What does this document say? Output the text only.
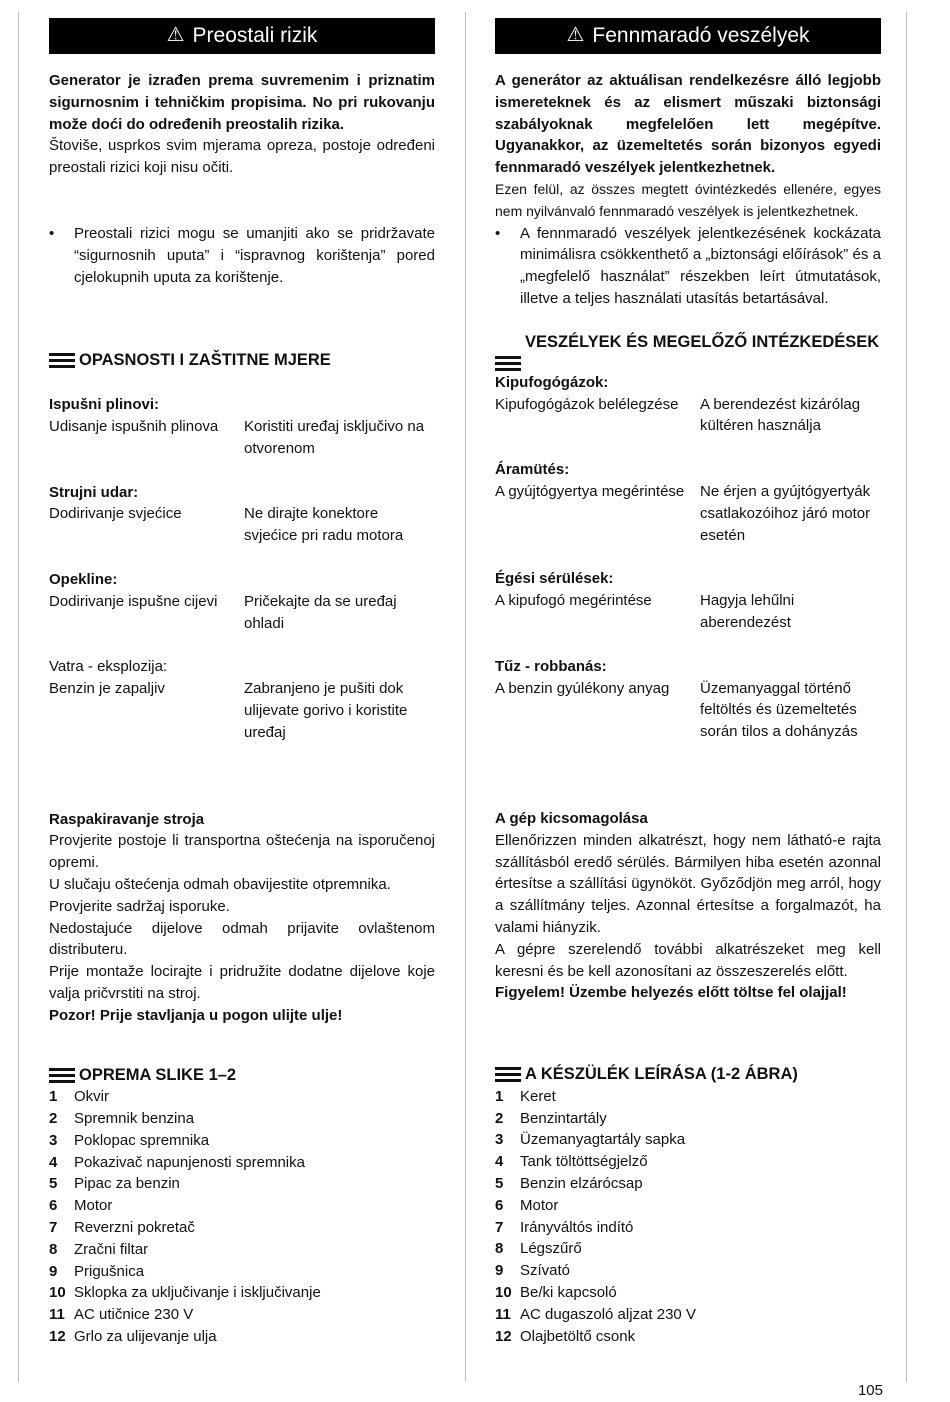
⚠ Preostali rizik

Generator je izrađen prema suvremenim i priznatim sigurnosnim i tehničkim propisima. No pri rukovanju može doći do određenih preostalih rizika.

Štoviše, usprkos svim mjerama opreza, postoje određeni preostali rizici koji nisu očiti.

•	Preostali rizici mogu se umanjiti ako se pridržavate “sigurnosnih uputa” i “ispravnog korištenja” pored cjelokupnih uputa za korištenje.
OPASNOSTI I ZAŠTITNE MJERE

Ispušni plinovi:

Udisanje ispušnih plinova	Koristiti uređaj isključivo na otvorenom

Strujni udar:

Dodirivanje svjećice	Ne dirajte konektore svjećice pri radu motora

Opekline:

Dodirivanje ispušne cijevi	Pričekajte da se uređaj ohladi

Vatra - eksplozija:

Benzin je zapaljiv	Zabranjeno je pušiti dok ulijevate gorivo i koristite uređaj

Raspakiravanje stroja

Provjerite postoje li transportna oštećenja na isporučenoj opremi.

U slučaju oštećenja odmah obavijestite otpremnika.

Provjerite sadržaj isporuke.

Nedostajuće dijelove odmah prijavite ovlaštenom distributeru.

Prije montaže locirajte i pridružite dodatne dijelove koje valja pričvrstiti na stroj.

Pozor! Prije stavljanja u pogon ulijte ulje!

OPREMA SLIKE 1–2
1	Okvir
2	Spremnik benzina
3	Poklopac spremnika
4	Pokazivač napunjenosti spremnika
5	Pipac za benzin
6	Motor
7	Reverzni pokretač
8	Zračni filtar
9	Prigušnica
10 Sklopka za uključivanje i isključivanje
11 AC utičnice 230 V
12 Grlo za ulijevanje ulja
⚠ Fennmaradó veszélyek

A generátor az aktuálisan rendelkezésre álló legjobb ismereteknek és az elismert műszaki biztonsági szabályoknak megfelelően lett megépítve. Ugyanakkor, az üzemeltetés során bizonyos egyedi fennmaradó veszélyek jelentkezhetnek.

Ezen felül, az összes megtett óvintézkedés ellenére, egyes nem nyilvánvaló fennmaradó veszélyek is jelentkezhetnek.

•	A fennmaradó veszélyek jelentkezésének kockázata minimálisra csökkenthető a „biztonsági előírások” és a „megfelelő használat” részekben leírt útmutatások, illetve a teljes használati utasítás betartásával.
VESZÉLYEK ÉS MEGELŐZŐ INTÉZKEDÉSEK

Kipufogógázok:

Kipufogógázok belélegzése	A berendezést kizárólag kültéren használja

Áramütés:

A gyújtógyertya megérintése	Ne érjen a gyújtógyertyák csatlakozóihoz járó motor esetén

Égési sérülések:

A kipufogó megérintése	Hagyja lehűlni aberendezést

Tűz - robbanás:

A benzin gyúlékony anyag	Üzemanyaggal történő feltöltés és üzemeltetés során tilos a dohányzás

A gép kicsomagolása

Ellenőrizzen minden alkatrészt, hogy nem látható-e rajta szállításból eredő sérülés. Bármilyen hiba esetén azonnal értesítse a szállítási ügynököt. Győződjön meg arról, hogy a szállítmány teljes. Azonnal értesítse a forgalmazót, ha valami hiányzik.

A gépre szerelendő további alkatrészeket meg kell keresni és be kell azonosítani az összeszerelés előtt.

Figyelem! Üzembe helyezés előtt töltse fel olajjal!

A KÉSZÜLÉK LEÍRÁSA (1-2 ÁBRA)
1	Keret
2	Benzintartály
3	Üzemanyagtartály sapka
4	Tank töltöttségjelző
5	Benzin elzárócsap
6	Motor
7	Irányváltós indító
8	Légszűrő
9	Szívató
10 Be/ki kapcsoló
11 AC dugaszoló aljzat 230 V
12 Olajbetöltő csonk
105
